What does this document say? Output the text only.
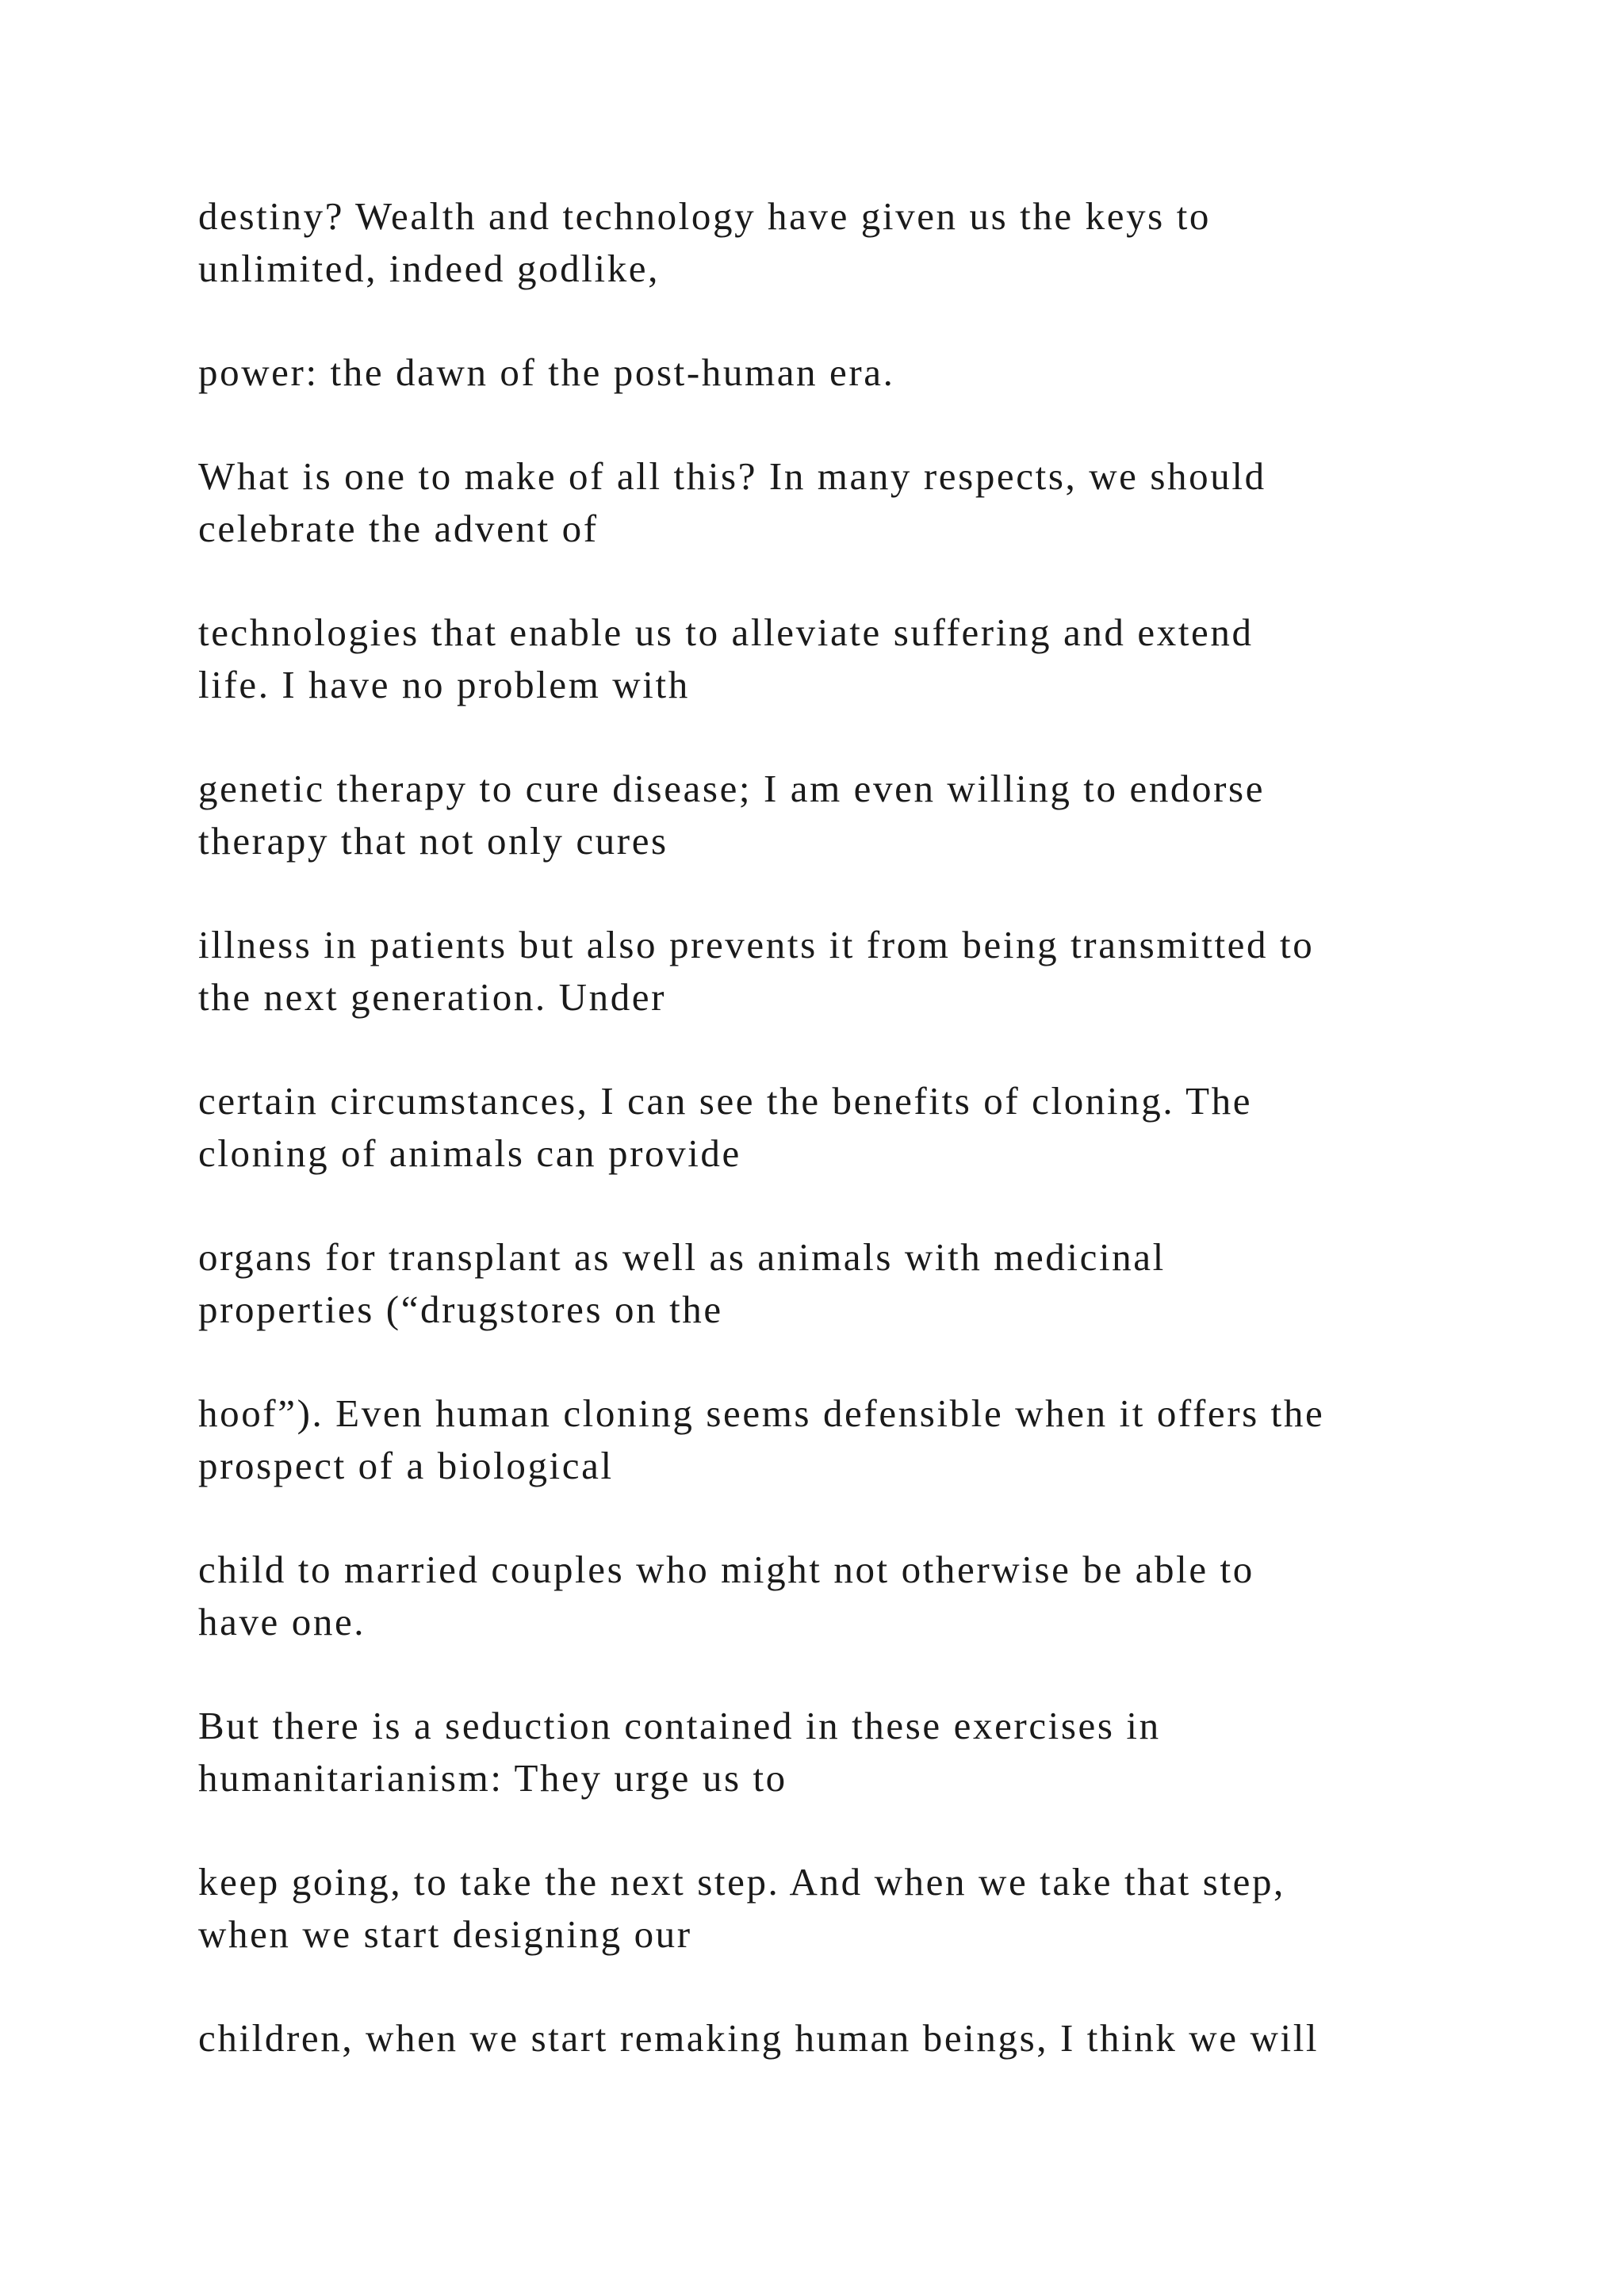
destiny? Wealth and technology have given us the keys to
unlimited, indeed godlike,

power: the dawn of the post-human era.

What is one to make of all this? In many respects, we should
celebrate the advent of

technologies that enable us to alleviate suffering and extend
life. I have no problem with

genetic therapy to cure disease; I am even willing to endorse
therapy that not only cures

illness in patients but also prevents it from being transmitted to
the next generation. Under

certain circumstances, I can see the benefits of cloning. The
cloning of animals can provide

organs for transplant as well as animals with medicinal
properties (“drugstores on the

hoof”). Even human cloning seems defensible when it offers the
prospect of a biological

child to married couples who might not otherwise be able to
have one.

But there is a seduction contained in these exercises in
humanitarianism: They urge us to

keep going, to take the next step. And when we take that step,
when we start designing our

children, when we start remaking human beings, I think we will
